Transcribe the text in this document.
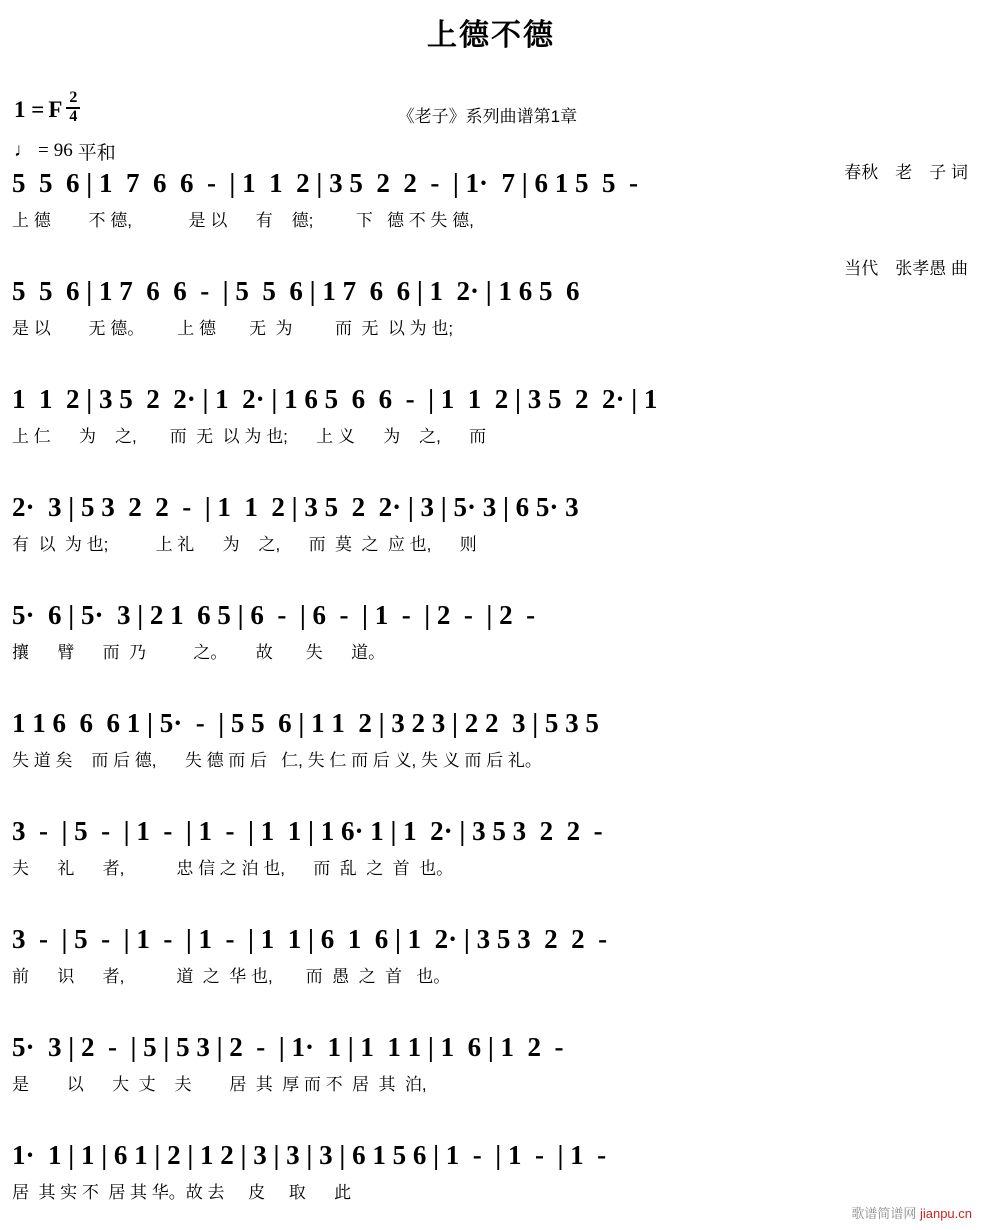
上德不德
1 = F $\frac{2}{4}$
♩ = 96 平和
《老子》系列曲谱第1章

春秋　老　子 词

当代　张孝愚 曲

5  5  6 | 1  7  6  6  -  | 1  1  2 | 3 5  2  2  -  | 1·  7 | 6 1 5  5  -
上 德        不 德,            是 以      有    德;         下   德 不 失 德,
5  5  6 | 1 7  6  6  -  | 5  5  6 | 1 7  6  6 | 1  2· | 1 6 5  6
是 以        无 德。       上 德       无  为         而  无  以 为 也;
1  1  2 | 3 5  2  2· | 1  2· | 1 6 5  6  6  -  | 1  1  2 | 3 5  2  2· | 1
上 仁      为    之,       而  无  以 为 也;      上 义      为    之,      而
2·  3 | 5 3  2  2  -  | 1  1  2 | 3 5  2  2· | 3 | 5· 3 | 6 5· 3
有  以  为 也;          上 礼      为    之,      而  莫  之  应 也,      则
5·  6 | 5·  3 | 2 1  6 5 | 6  -  | 6  -  | 1  -  | 2  -  | 2  -
攘      臂      而  乃          之。      故       失      道。
1 1 6  6  6 1 | 5·  -  | 5 5  6 | 1 1  2 | 3 2 3 | 2 2  3 | 5 3 5
失 道 矣    而 后 德,      失 德 而 后   仁, 失 仁 而 后 义, 失 义 而 后 礼。
3  -  | 5  -  | 1  -  | 1  -  | 1  1 | 1 6· 1 | 1  2· | 3 5 3  2  2  -
夫      礼      者,           忠 信 之 泊 也,      而  乱  之  首  也。
3  -  | 5  -  | 1  -  | 1  -  | 1  1 | 6  1  6 | 1  2· | 3 5 3  2  2  -
前      识      者,           道  之  华 也,       而  愚  之  首   也。
5·  3 | 2  -  | 5 | 5 3 | 2  -  | 1·  1 | 1  1 1 | 1  6 | 1  2  -
是        以      大  丈    夫        居  其  厚 而 不  居  其  泊,
1·  1 | 1 | 6 1 | 2 | 1 2 | 3 | 3 | 3 | 6 1 5 6 | 1  -  | 1  -  | 1  -
居  其 实 不  居 其 华。故 去     皮     取      此
歌谱简谱网 jianpu.cn
